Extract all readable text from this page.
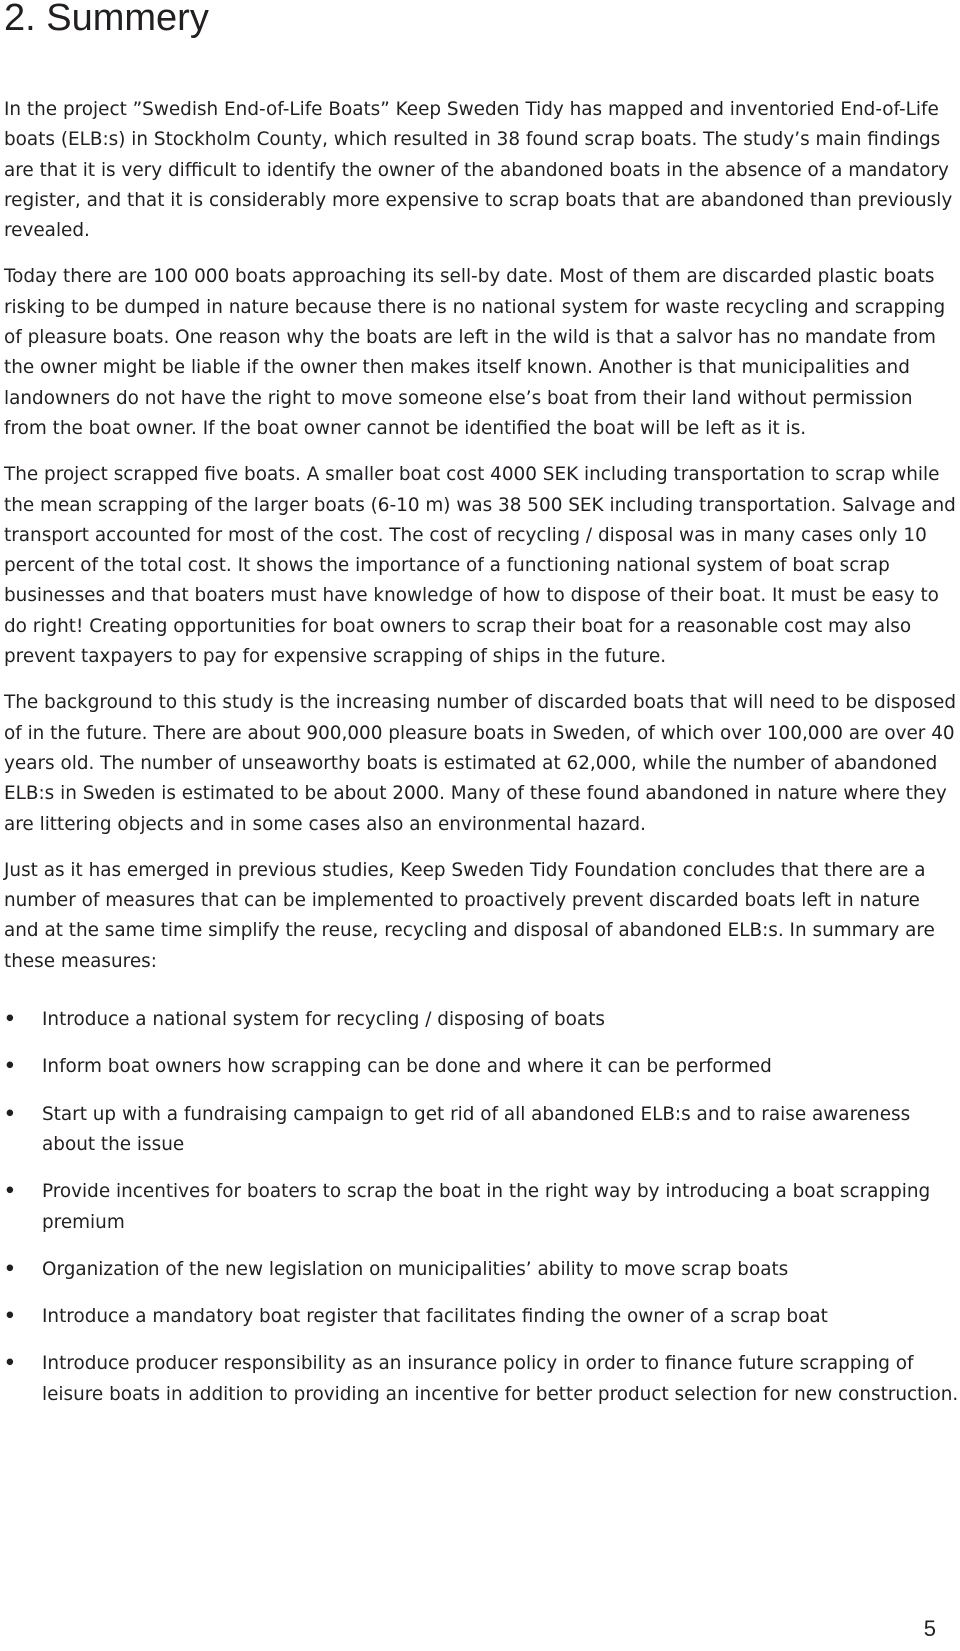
2. Summery

In the project ”Swedish End-of-Life Boats” Keep Sweden Tidy has mapped and inventoried End-of-Life boats (ELB:s) in Stockholm County, which resulted in 38 found scrap boats. The study’s main findings are that it is very difficult to identify the owner of the abandoned boats in the absence of a mandatory register, and that it is considerably more expensive to scrap boats that are abandoned than previously revealed.

Today there are 100 000 boats approaching its sell-by date. Most of them are discarded plastic boats risking to be dumped in nature because there is no national system for waste recycling and scrapping of pleasure boats. One reason why the boats are left in the wild is that a salvor has no mandate from the owner might be liable if the owner then makes itself known. Another is that municipalities and landowners do not have the right to move someone else’s boat from their land without permission from the boat owner. If the boat owner cannot be identified the boat will be left as it is.

The project scrapped five boats. A smaller boat cost 4000 SEK including transportation to scrap while the mean scrapping of the larger boats (6-10 m) was 38 500 SEK including transportation. Salvage and transport accounted for most of the cost. The cost of recycling / disposal was in many cases only 10 percent of the total cost. It shows the importance of a functioning national system of boat scrap businesses and that boaters must have knowledge of how to dispose of their boat. It must be easy to do right! Creating opportunities for boat owners to scrap their boat for a reasonable cost may also prevent taxpayers to pay for expensive scrapping of ships in the future.

The background to this study is the increasing number of discarded boats that will need to be disposed of in the future. There are about 900,000 pleasure boats in Sweden, of which over 100,000 are over 40 years old. The number of unseaworthy boats is estimated at 62,000, while the number of abandoned ELB:s in Sweden is estimated to be about 2000. Many of these found abandoned in nature where they are littering objects and in some cases also an environmental hazard.

Just as it has emerged in previous studies, Keep Sweden Tidy Foundation concludes that there are a number of measures that can be implemented to proactively prevent discarded boats left in nature and at the same time simplify the reuse, recycling and disposal of abandoned ELB:s. In summary are these measures:

• Introduce a national system for recycling / disposing of boats
• Inform boat owners how scrapping can be done and where it can be performed
• Start up with a fundraising campaign to get rid of all abandoned ELB:s and to raise awareness about the issue
• Provide incentives for boaters to scrap the boat in the right way by introducing a boat scrapping premium
• Organization of the new legislation on municipalities’ ability to move scrap boats
• Introduce a mandatory boat register that facilitates finding the owner of a scrap boat
• Introduce producer responsibility as an insurance policy in order to finance future scrapping of leisure boats in addition to providing an incentive for better product selection for new construction.
5
